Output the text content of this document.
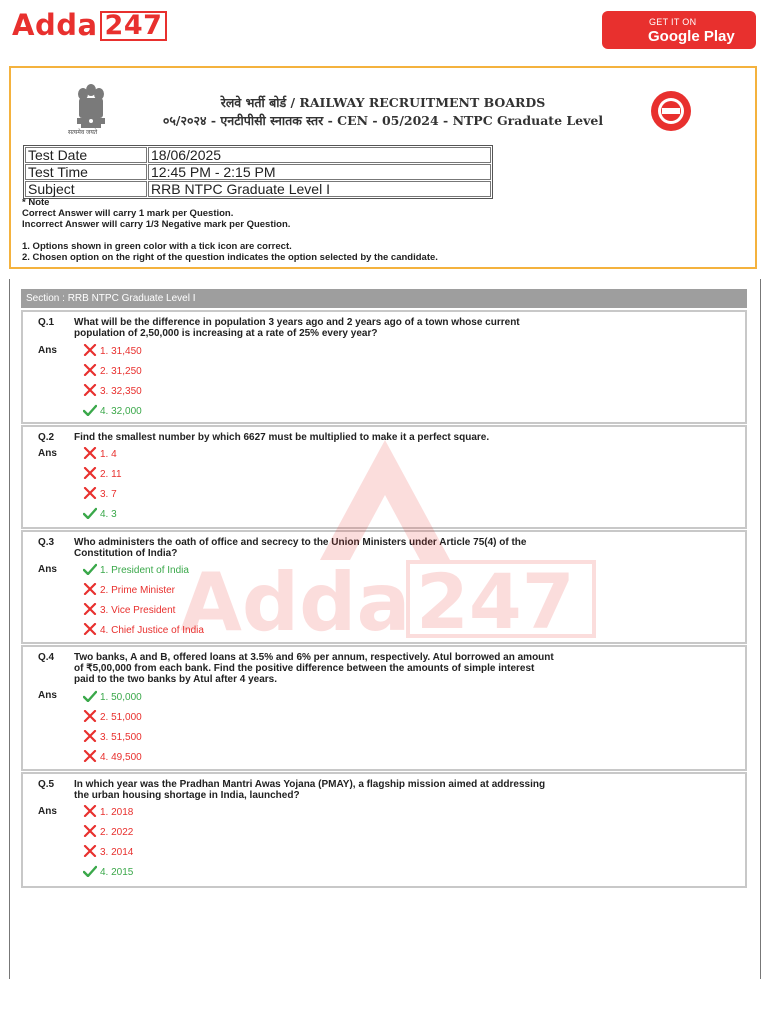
Adda 247	GET IT ON
Google Play
सत्यमेव जयते
रेलवे भर्ती बोर्ड / RAILWAY RECRUITMENT BOARDS
०५/२०२४ - एनटीपीसी स्नातक स्तर - CEN - 05/2024 - NTPC Graduate Level
Test Date	18/06/2025
Test Time	12:45 PM - 2:15 PM
Subject	RRB NTPC Graduate Level I
* Note
Correct Answer will carry 1 mark per Question.
Incorrect Answer will carry 1/3 Negative mark per Question.

1. Options shown in green color with a tick icon are correct.
2. Chosen option on the right of the question indicates the option selected by the candidate.
Section : RRB NTPC Graduate Level I
Q.1 What will be the difference in population 3 years ago and 2 years ago of a town whose current population of 2,50,000 is increasing at a rate of 25% every year?
Ans	1. 31,450
2. 31,250
3. 32,350
4. 32,000
Q.2 Find the smallest number by which 6627 must be multiplied to make it a perfect square.
Ans	1. 4
2. 11
3. 7
4. 3
Q.3 Who administers the oath of office and secrecy to the Union Ministers under Article 75(4) of the Constitution of India?
Ans	1. President of India
2. Prime Minister
3. Vice President
4. Chief Justice of India
Q.4 Two banks, A and B, offered loans at 3.5% and 6% per annum, respectively. Atul borrowed an amount of ₹5,00,000 from each bank. Find the positive difference between the amounts of simple interest paid to the two banks by Atul after 4 years.
Ans	1. 50,000
2. 51,000
3. 51,500
4. 49,500
Q.5 In which year was the Pradhan Mantri Awas Yojana (PMAY), a flagship mission aimed at addressing the urban housing shortage in India, launched?
Ans	1. 2018
2. 2022
3. 2014
4. 2015
Adda 247
